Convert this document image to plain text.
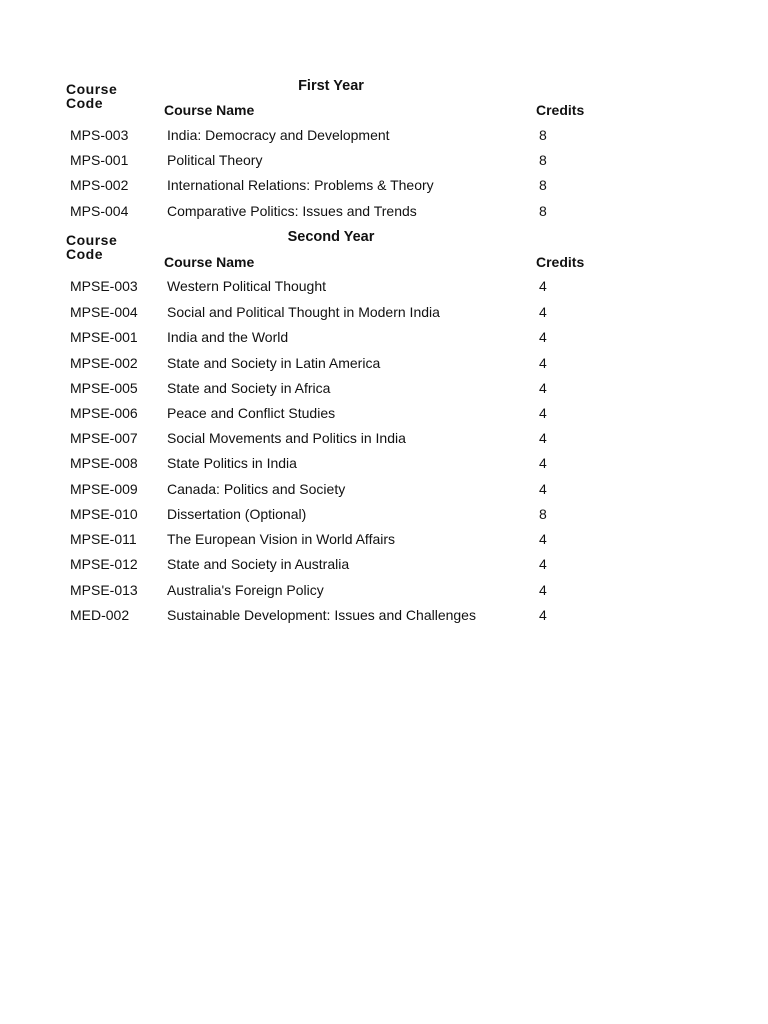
First Year
Course Code	Course Name	Credits
MPS-003	India: Democracy and Development	8
MPS-001	Political Theory	8
MPS-002	International Relations: Problems & Theory	8
MPS-004	Comparative Politics: Issues and Trends	8
Second Year
Course Code	Course Name	Credits
MPSE-003 Western Political Thought	4
MPSE-004 Social and Political Thought in Modern India	4
MPSE-001 India and the World	4
MPSE-002 State and Society in Latin America	4
MPSE-005 State and Society in Africa	4
MPSE-006 Peace and Conflict Studies	4
MPSE-007 Social Movements and Politics in India	4
MPSE-008 State Politics in India	4
MPSE-009 Canada: Politics and Society	4
MPSE-010 Dissertation (Optional)	8
MPSE-011 The European Vision in World Affairs	4
MPSE-012 State and Society in Australia	4
MPSE-013 Australia's Foreign Policy	4
MED-002	Sustainable Development: Issues and Challenges	4
